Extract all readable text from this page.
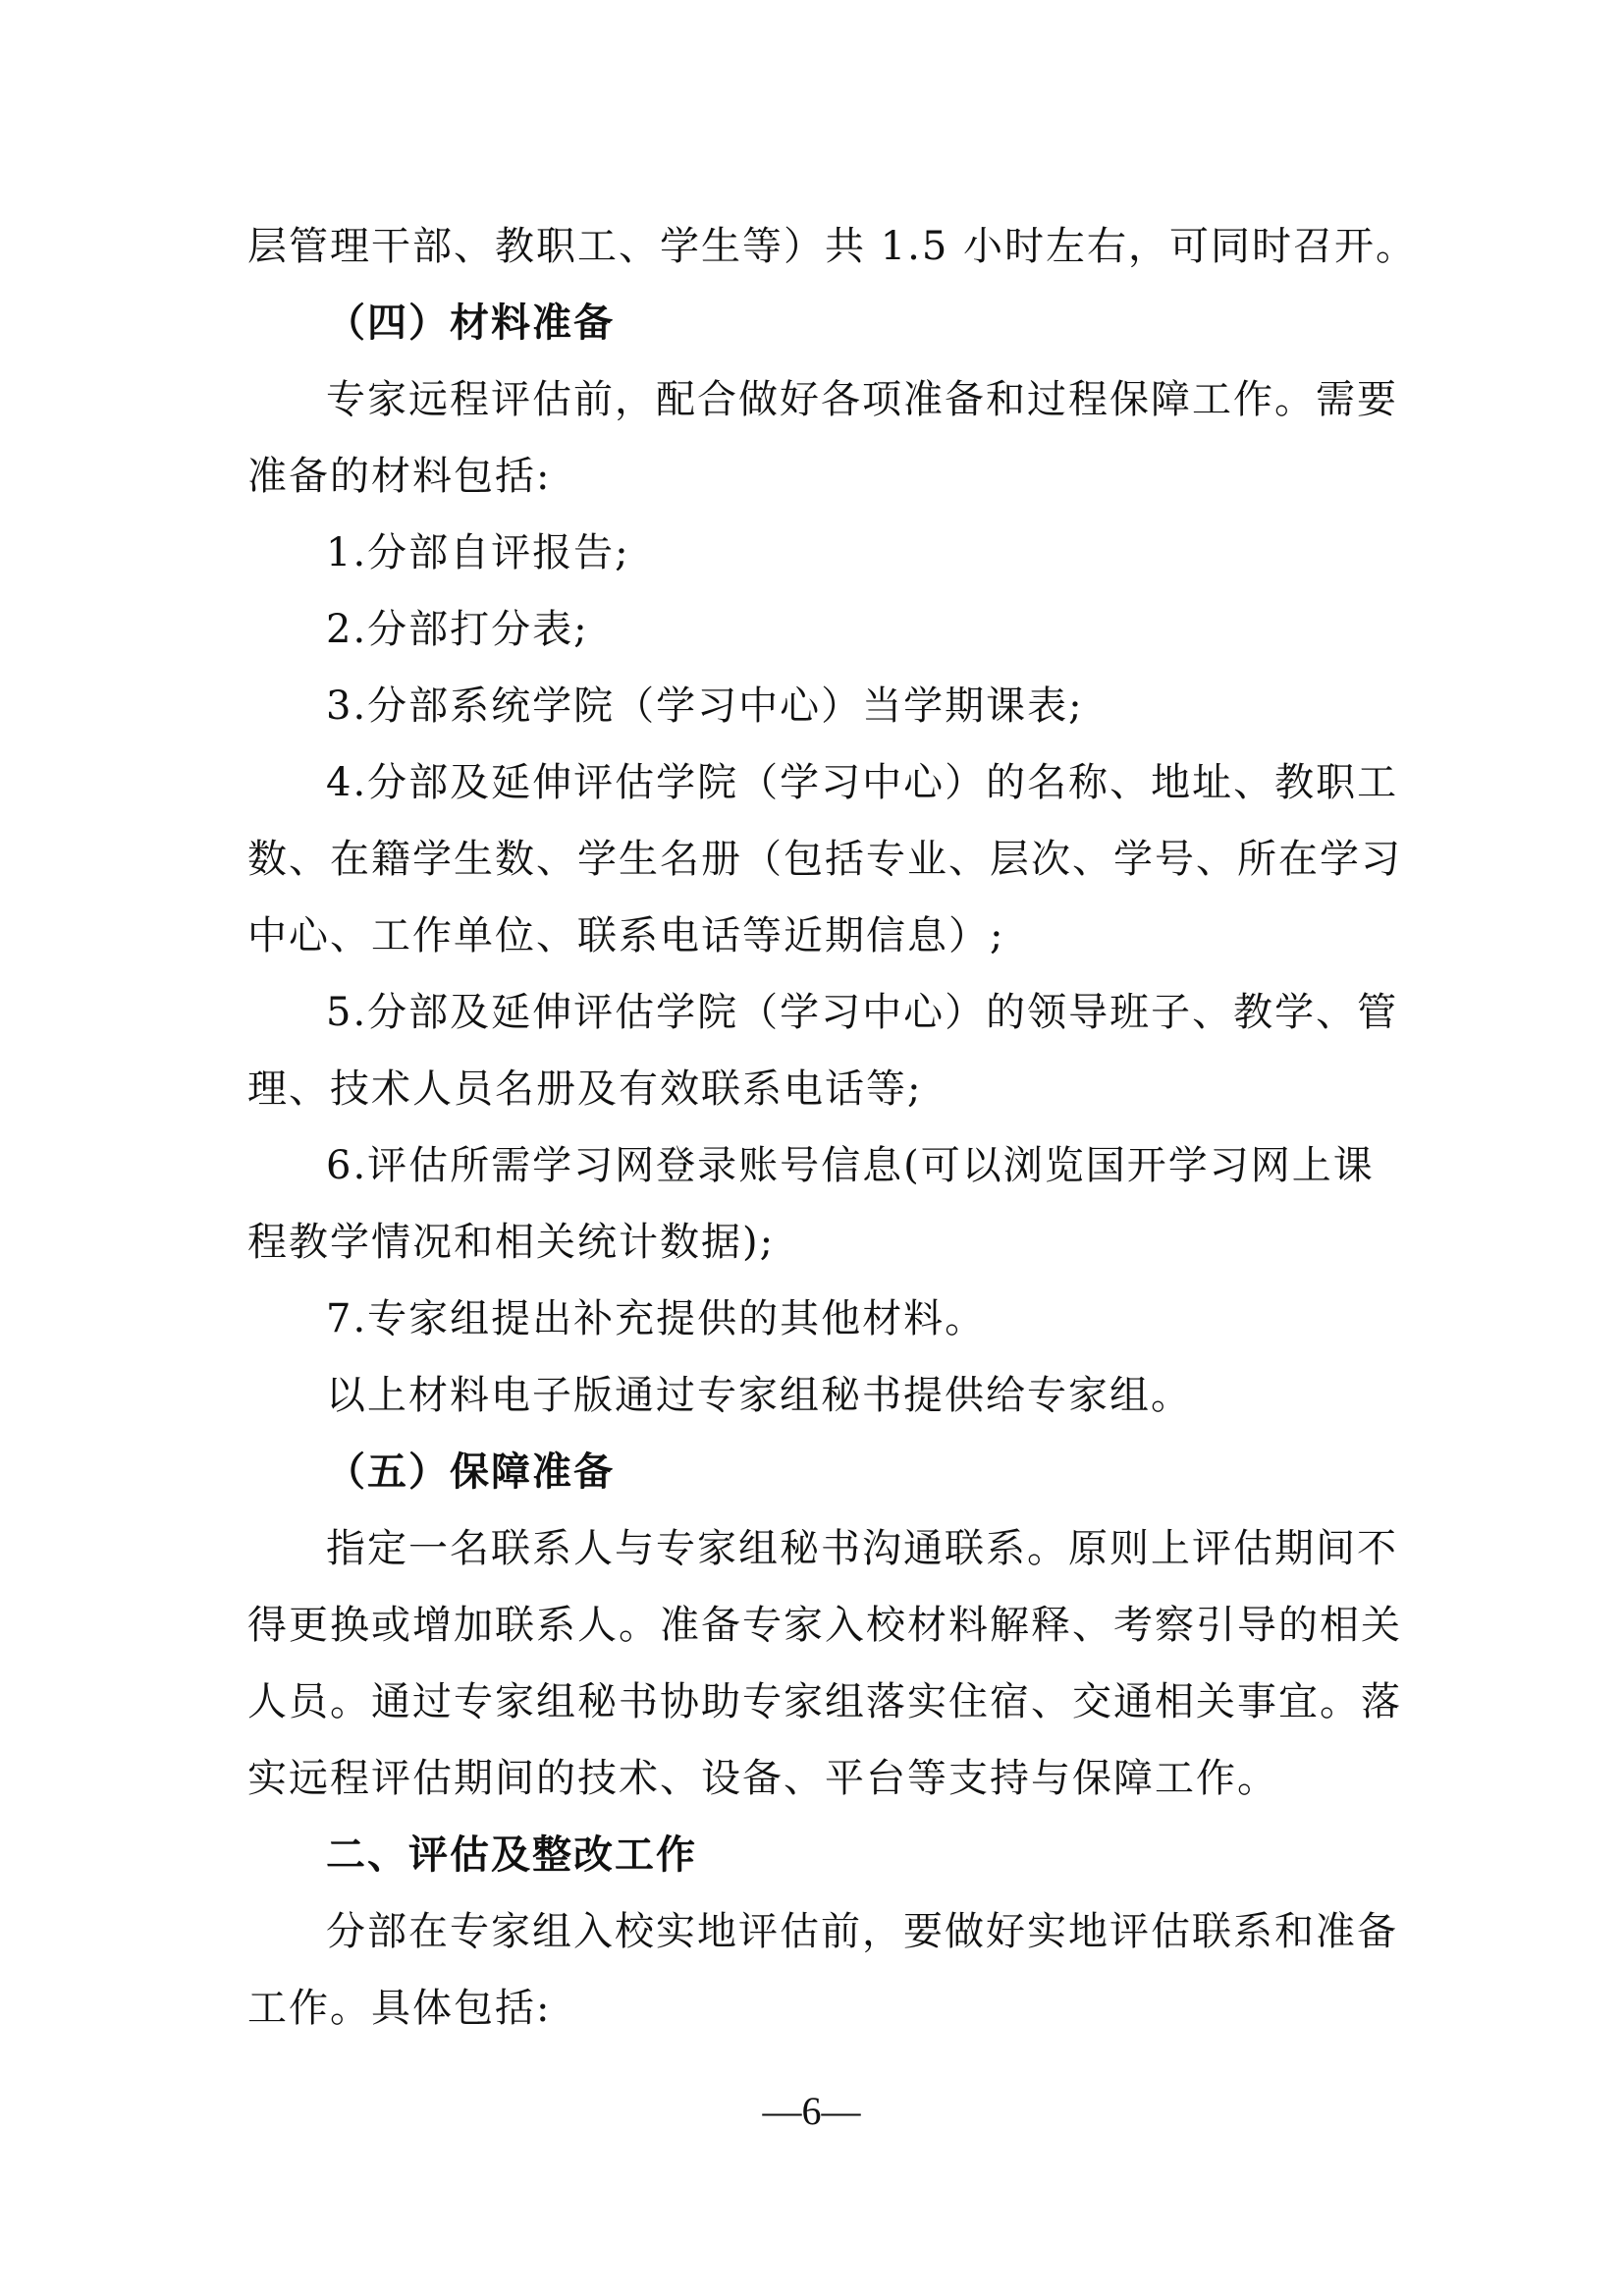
层管理干部、教职工、学生等）共 1.5 小时左右，可同时召开。
（四）材料准备
专家远程评估前，配合做好各项准备和过程保障工作。需要
准备的材料包括:
1.分部自评报告;
2.分部打分表;
3.分部系统学院（学习中心）当学期课表;
4.分部及延伸评估学院（学习中心）的名称、地址、教职工
数、在籍学生数、学生名册（包括专业、层次、学号、所在学习
中心、工作单位、联系电话等近期信息）;
5.分部及延伸评估学院（学习中心）的领导班子、教学、管
理、技术人员名册及有效联系电话等;
6.评估所需学习网登录账号信息(可以浏览国开学习网上课
程教学情况和相关统计数据);
7.专家组提出补充提供的其他材料。
以上材料电子版通过专家组秘书提供给专家组。
（五）保障准备
指定一名联系人与专家组秘书沟通联系。原则上评估期间不
得更换或增加联系人。准备专家入校材料解释、考察引导的相关
人员。通过专家组秘书协助专家组落实住宿、交通相关事宜。落
实远程评估期间的技术、设备、平台等支持与保障工作。
二、评估及整改工作
分部在专家组入校实地评估前，要做好实地评估联系和准备
工作。具体包括:
—6—
